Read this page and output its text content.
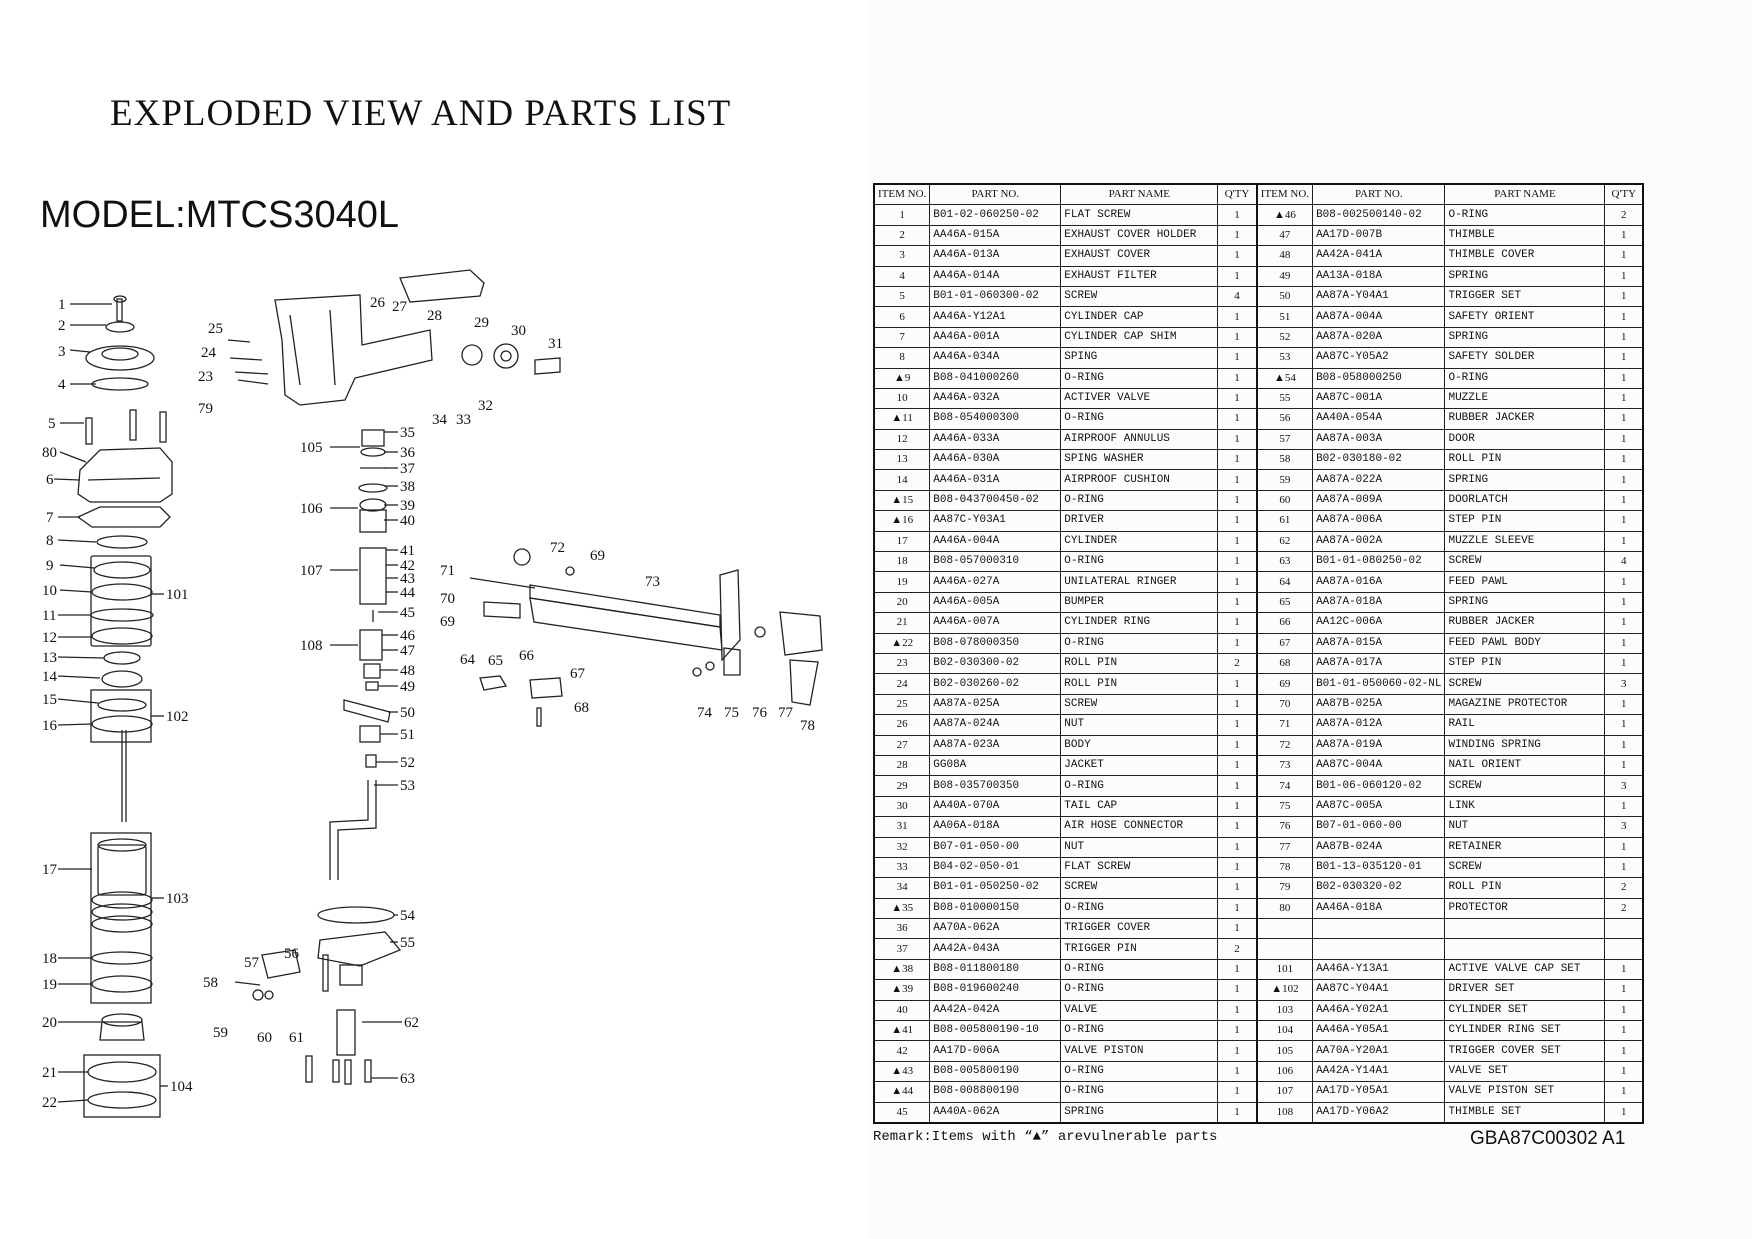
EXPLODED VIEW AND PARTS LIST
MODEL:MTCS3040L
1
2
3
4
5
80
6
7
8
9
10
11
12
13
14
15
16
17
18
19
20
21
22
101
102
103
104
25
24
23
79
26 27
28 29 30
31
32
33
34
105
35
36
37
38
106	39
40
107
41
42
43
44
45
108
46
47
48
49
50
51
52
53
54
55
56
57
58
59 60 61
62
63
71
72 69
73
70
69
64 65 66
67
68	74 75 76 77
78
ITEM NO.	PART NO.	PART NAME	Q'TY	ITEM NO.	PART NO.	PART NAME	Q'TY
1	B01-02-060250-02	FLAT SCREW	1	▲46	B08-002500140-02	O-RING	2
2	AA46A-015A	EXHAUST COVER HOLDER	1	47	AA17D-007B	THIMBLE	1
3	AA46A-013A	EXHAUST COVER	1	48	AA42A-041A	THIMBLE COVER	1
4	AA46A-014A	EXHAUST FILTER	1	49	AA13A-018A	SPRING	1
5	B01-01-060300-02	SCREW	4	50	AA87A-Y04A1	TRIGGER SET	1
6	AA46A-Y12A1	CYLINDER CAP	1	51	AA87A-004A	SAFETY ORIENT	1
7	AA46A-001A	CYLINDER CAP SHIM	1	52	AA87A-020A	SPRING	1
8	AA46A-034A	SPING	1	53	AA87C-Y05A2	SAFETY SOLDER	1
▲9	B08-041000260	O-RING	1	▲54	B08-058000250	O-RING	1
10	AA46A-032A	ACTIVER VALVE	1	55	AA87C-001A	MUZZLE	1
▲11	B08-054000300	O-RING	1	56	AA40A-054A	RUBBER JACKER	1
12	AA46A-033A	AIRPROOF ANNULUS	1	57	AA87A-003A	DOOR	1
13	AA46A-030A	SPING WASHER	1	58	B02-030180-02	ROLL PIN	1
14	AA46A-031A	AIRPROOF CUSHION	1	59	AA87A-022A	SPRING	1
▲15	B08-043700450-02	O-RING	1	60	AA87A-009A	DOORLATCH	1
▲16	AA87C-Y03A1	DRIVER	1	61	AA87A-006A	STEP PIN	1
17	AA46A-004A	CYLINDER	1	62	AA87A-002A	MUZZLE SLEEVE	1
18	B08-057000310	O-RING	1	63	B01-01-080250-02	SCREW	4
19	AA46A-027A	UNILATERAL RINGER	1	64	AA87A-016A	FEED PAWL	1
20	AA46A-005A	BUMPER	1	65	AA87A-018A	SPRING	1
21	AA46A-007A	CYLINDER RING	1	66	AA12C-006A	RUBBER JACKER	1
▲22	B08-078000350	O-RING	1	67	AA87A-015A	FEED PAWL BODY	1
23	B02-030300-02	ROLL PIN	2	68	AA87A-017A	STEP PIN	1
24	B02-030260-02	ROLL PIN	1	69	B01-01-050060-02-NL	SCREW	3
25	AA87A-025A	SCREW	1	70	AA87B-025A	MAGAZINE PROTECTOR	1
26	AA87A-024A	NUT	1	71	AA87A-012A	RAIL	1
27	AA87A-023A	BODY	1	72	AA87A-019A	WINDING SPRING	1
28	GG08A	JACKET	1	73	AA87C-004A	NAIL ORIENT	1
29	B08-035700350	O-RING	1	74	B01-06-060120-02	SCREW	3
30	AA40A-070A	TAIL CAP	1	75	AA87C-005A	LINK	1
31	AA06A-018A	AIR HOSE CONNECTOR	1	76	B07-01-060-00	NUT	3
32	B07-01-050-00	NUT	1	77	AA87B-024A	RETAINER	1
33	B04-02-050-01	FLAT SCREW	1	78	B01-13-035120-01	SCREW	1
34	B01-01-050250-02	SCREW	1	79	B02-030320-02	ROLL PIN	2
▲35	B08-010000150	O-RING	1	80	AA46A-018A	PROTECTOR	2
36	AA70A-062A	TRIGGER COVER	1				
37	AA42A-043A	TRIGGER PIN	2				
▲38	B08-011800180	O-RING	1	101	AA46A-Y13A1	ACTIVE VALVE CAP SET	1
▲39	B08-019600240	O-RING	1	▲102	AA87C-Y04A1	DRIVER SET	1
40	AA42A-042A	VALVE	1	103	AA46A-Y02A1	CYLINDER SET	1
▲41	B08-005800190-10	O-RING	1	104	AA46A-Y05A1	CYLINDER RING SET	1
42	AA17D-006A	VALVE PISTON	1	105	AA70A-Y20A1	TRIGGER COVER SET	1
▲43	B08-005800190	O-RING	1	106	AA42A-Y14A1	VALVE SET	1
▲44	B08-008800190	O-RING	1	107	AA17D-Y05A1	VALVE PISTON SET	1
45	AA40A-062A	SPRING	1	108	AA17D-Y06A2	THIMBLE SET	1
Remark:Items with “▲” arevulnerable parts	GBA87C00302 A1
